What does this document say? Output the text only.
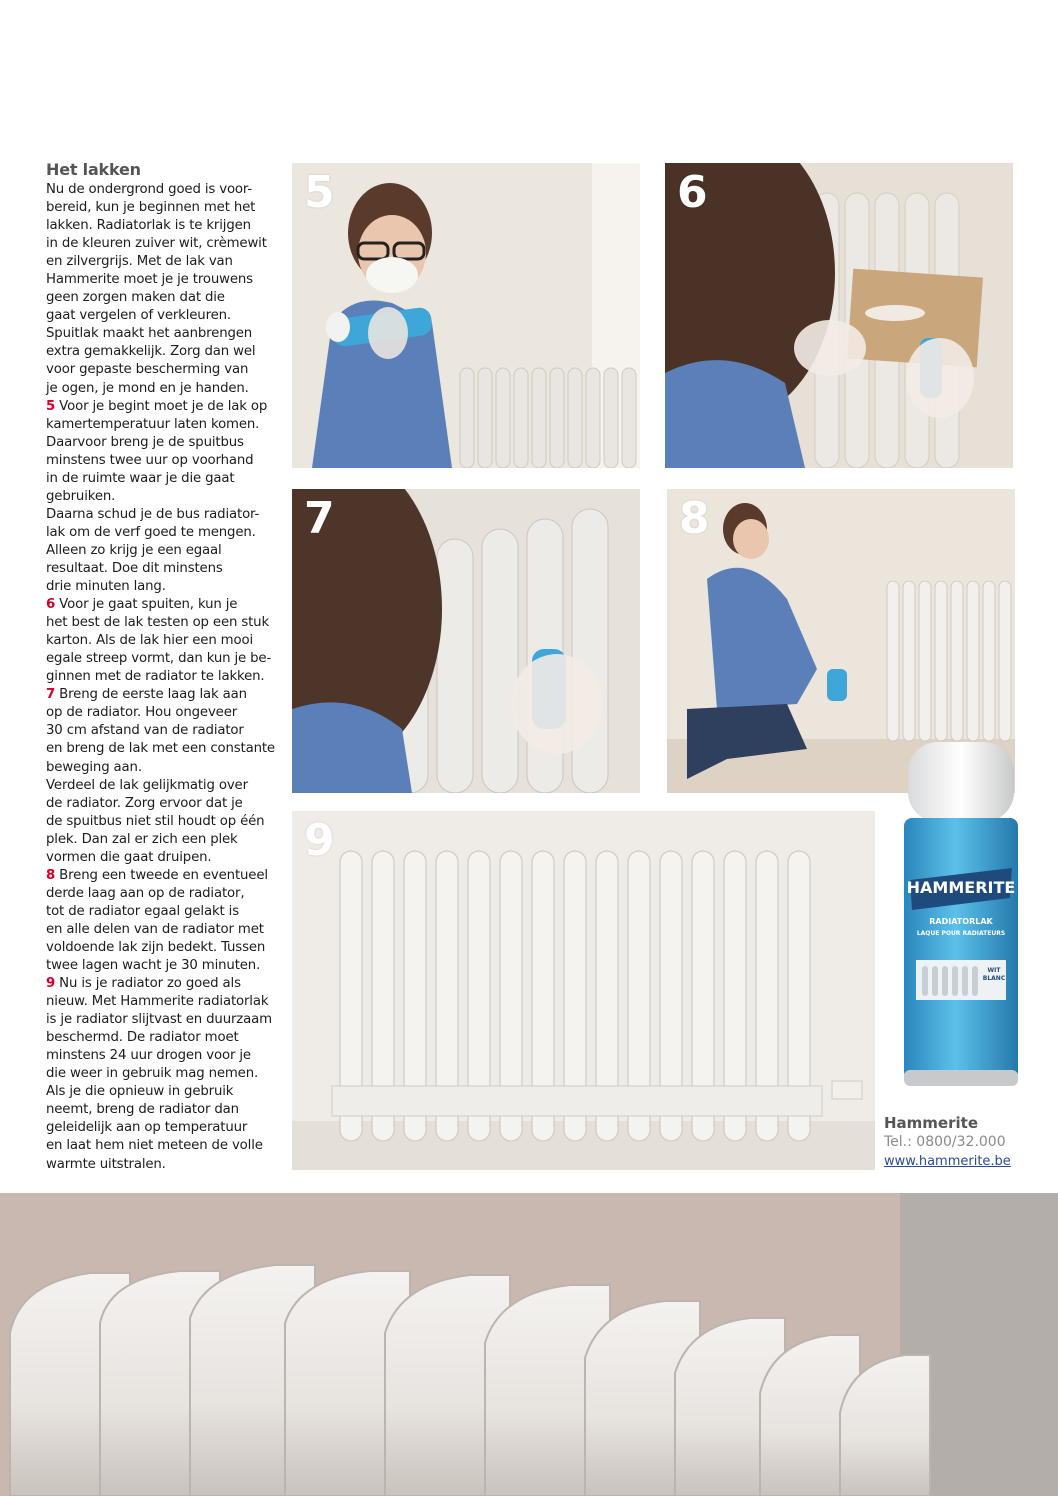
Het lakken

Nu de ondergrond goed is voor-
bereid, kun je beginnen met het
lakken. Radiatorlak is te krijgen
in de kleuren zuiver wit, crèmewit
en zilvergrijs. Met de lak van
Hammerite moet je je trouwens
geen zorgen maken dat die
gaat vergelen of verkleuren.
Spuitlak maakt het aanbrengen
extra gemakkelijk. Zorg dan wel
voor gepaste bescherming van
je ogen, je mond en je handen.

5 Voor je begint moet je de lak op
kamertemperatuur laten komen.
Daarvoor breng je de spuitbus
minstens twee uur op voorhand
in de ruimte waar je die gaat
gebruiken.
Daarna schud je de bus radiator-
lak om de verf goed te mengen.
Alleen zo krijg je een egaal
resultaat. Doe dit minstens
drie minuten lang.

6 Voor je gaat spuiten, kun je
het best de lak testen op een stuk
karton. Als de lak hier een mooi
egale streep vormt, dan kun je be-
ginnen met de radiator te lakken.

7 Breng de eerste laag lak aan
op de radiator. Hou ongeveer
30 cm afstand van de radiator
en breng de lak met een constante
beweging aan.
Verdeel de lak gelijkmatig over
de radiator. Zorg ervoor dat je
de spuitbus niet stil houdt op één
plek. Dan zal er zich een plek
vormen die gaat druipen.

8 Breng een tweede en eventueel
derde laag aan op de radiator,
tot de radiator egaal gelakt is
en alle delen van de radiator met
voldoende lak zijn bedekt. Tussen
twee lagen wacht je 30 minuten.

9 Nu is je radiator zo goed als
nieuw. Met Hammerite radiatorlak
is je radiator slijtvast en duurzaam
beschermd. De radiator moet
minstens 24 uur drogen voor je
die weer in gebruik mag nemen.
Als je die opnieuw in gebruik
neemt, breng de radiator dan
geleidelijk aan op temperatuur
en laat hem niet meteen de volle
warmte uitstralen.

5	6
7	8
9
HAMMERITE
RADIATORLAK
LAQUE POUR RADIATEURS
WIT
BLANC
Hammerite
Tel.: 0800/32.000
www.hammerite.be
